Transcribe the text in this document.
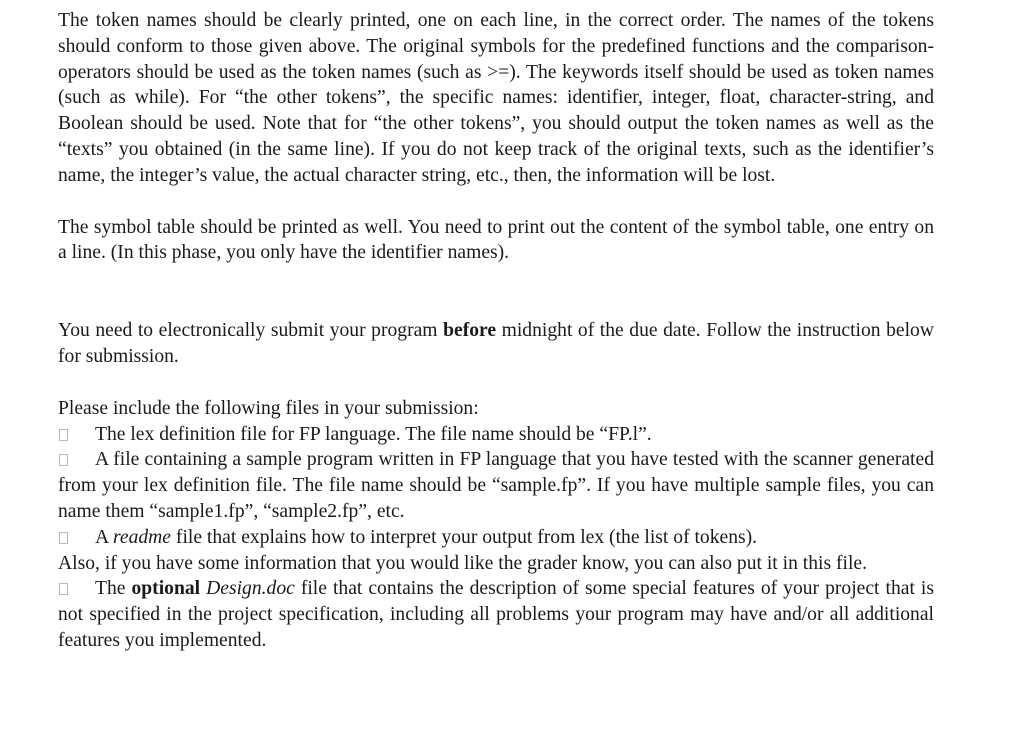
The token names should be clearly printed, one on each line, in the correct order. The names of the tokens should conform to those given above. The original symbols for the predefined functions and the comparison-operators should be used as the token names (such as >=). The keywords itself should be used as token names (such as while). For “the other tokens”, the specific names: identifier, integer, float, character-string, and Boolean should be used. Note that for “the other tokens”, you should output the token names as well as the “texts” you obtained (in the same line). If you do not keep track of the original texts, such as the identifier’s name, the integer’s value, the actual character string, etc., then, the information will be lost.

The symbol table should be printed as well. You need to print out the content of the symbol table, one entry on a line. (In this phase, you only have the identifier names).

You need to electronically submit your program before midnight of the due date. Follow the instruction below for submission.

Please include the following files in your submission:

The lex definition file for FP language. The file name should be “FP.l”.

A file containing a sample program written in FP language that you have tested with the scanner generated from your lex definition file. The file name should be “sample.fp”. If you have multiple sample files, you can name them “sample1.fp”, “sample2.fp”, etc.

A readme file that explains how to interpret your output from lex (the list of tokens).

Also, if you have some information that you would like the grader know, you can also put it in this file.

The optional Design.doc file that contains the description of some special features of your project that is not specified in the project specification, including all problems your program may have and/or all additional features you implemented.
